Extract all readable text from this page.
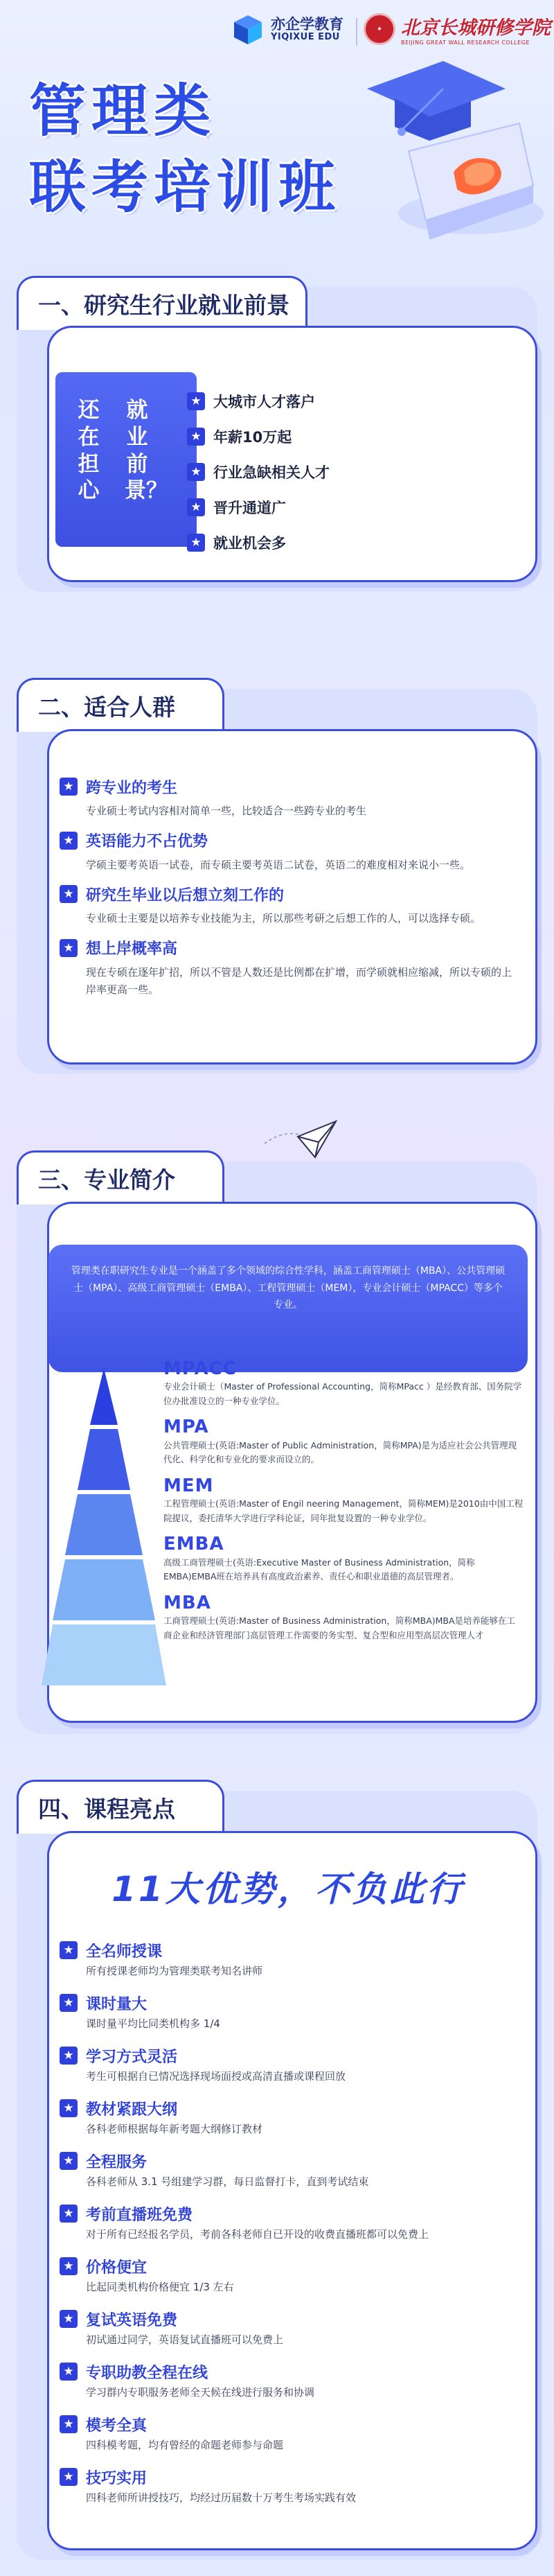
亦企学教育
YIQIXUE EDU
✦ 北京长城研修学院
BEIJING GREAT WALL RESEARCH COLLEGE
管理类
联考培训班
一、研究生行业就业前景
还在担心
就业前景？
★ 大城市人才落户
★ 年薪10万起
★ 行业急缺相关人才
★ 晋升通道广
★ 就业机会多
二、适合人群
★ 跨专业的考生
专业硕士考试内容相对简单一些，比较适合一些跨专业的考生
★ 英语能力不占优势
学硕主要考英语一试卷，而专硕主要考英语二试卷，英语二的难度相对来说小一些。
★ 研究生毕业以后想立刻工作的
专业硕士主要是以培养专业技能为主，所以那些考研之后想工作的人，可以选择专硕。
★ 想上岸概率高
现在专硕在逐年扩招，所以不管是人数还是比例都在扩增，而学硕就相应缩减，所以专硕的上岸率更高一些。
三、专业简介
管理类在职研究生专业是一个涵盖了多个领域的综合性学科，涵盖工商管理硕士（MBA）、公共管理硕士（MPA）、高级工商管理硕士（EMBA）、工程管理硕士（MEM），专业会计硕士（MPACC）等多个专业。
MPACC
专业会计硕士（Master of Professional Accounting，简称MPacc ）是经教育部、国务院学位办批准设立的一种专业学位。
MPA
公共管理硕士(英语:Master of Public Administration，简称MPA)是为适应社会公共管理现代化、科学化和专业化的要求而设立的。
MEM
工程管理硕士(英语:Master of Engil neering Management，简称MEM)是2010由中国工程院提议，委托清华大学进行学科论证，同年批复设置的一种专业学位。
EMBA
高级工商管理硕士(英语:Executive Master of Business Administration，简称EMBA)EMBA班在培养具有高度政治素养、责任心和职业道德的高层管理者。
MBA
工商管理硕士(英语:Master of Business Administration，简称MBA)MBA是培养能够在工商企业和经济管理部门高层管理工作需要的务实型、复合型和应用型高层次管理人才
四、课程亮点
11大优势，不负此行
★ 全名师授课
所有授课老师均为管理类联考知名讲师
★ 课时量大
课时量平均比同类机构多 1/4
★ 学习方式灵活
考生可根据自已情况选择现场面授或高清直播或课程回放
★ 教材紧跟大纲
各科老师根据每年新考题大纲修订教材
★ 全程服务
各科老师从 3.1 号组建学习群，每日监督打卡，直到考试结束
★ 考前直播班免费
对于所有已经报名学员，考前各科老师自已开设的收费直播班都可以免费上
★ 价格便宜
比起同类机构价格便宜 1/3 左右
★ 复试英语免费
初试通过同学，英语复试直播班可以免费上
★ 专职助教全程在线
学习群内专职服务老师全天候在线进行服务和协调
★ 模考全真
四科模考题，均有曾经的命题老师参与命题
★ 技巧实用
四科老师所讲授技巧，均经过历届数十万考生考场实践有效
